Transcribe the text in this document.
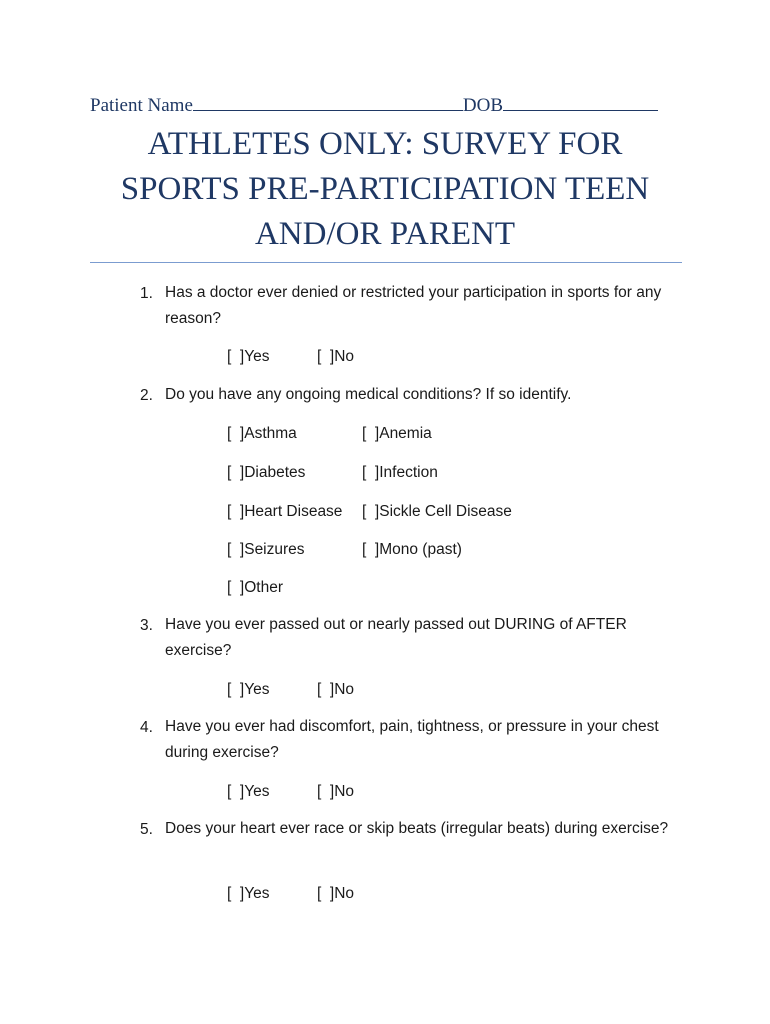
Patient Name	DOB
ATHLETES ONLY: SURVEY FOR SPORTS PRE-PARTICIPATION TEEN AND/OR PARENT
1. Has a doctor ever denied or restricted your participation in sports for any reason?
[  ]Yes	[  ]No
2. Do you have any ongoing medical conditions? If so identify.
[  ]Asthma	[  ]Anemia
[  ]Diabetes	[  ]Infection
[  ]Heart Disease [  ]Sickle Cell Disease
[  ]Seizures	[  ]Mono (past)
[  ]Other
3. Have you ever passed out or nearly passed out DURING of AFTER exercise?
[  ]Yes	[  ]No
4. Have you ever had discomfort, pain, tightness, or pressure in your chest during exercise?
[  ]Yes	[  ]No
5. Does your heart ever race or skip beats (irregular beats) during exercise?
[  ]Yes	[  ]No
